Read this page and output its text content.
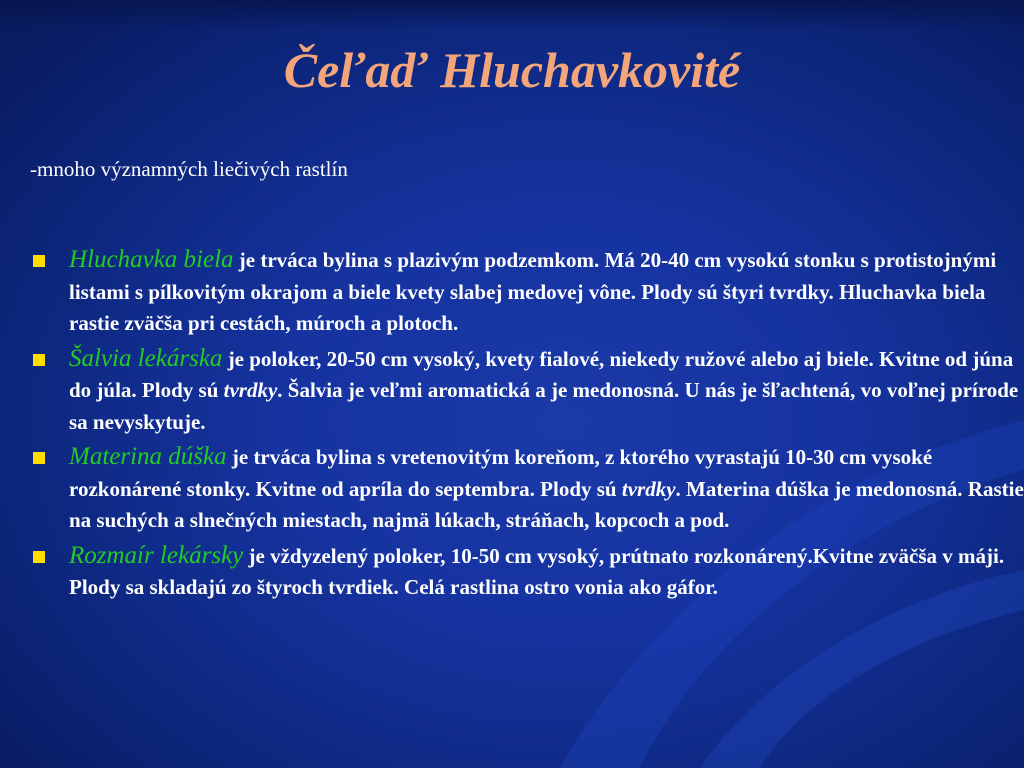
Čeľaď Hluchavkovité
-mnoho významných liečivých rastlín
Hluchavka biela je trváca bylina s plazivým podzemkom. Má 20-40 cm vysokú stonku s protistojnými listami s pílkovitým okrajom a biele kvety slabej medovej vône. Plody sú štyri tvrdky. Hluchavka biela rastie zväčša pri cestách, múroch a plotoch.
Šalvia lekárska je poloker, 20-50 cm vysoký, kvety fialové, niekedy ružové alebo aj biele. Kvitne od júna do júla. Plody sú tvrdky. Šalvia je veľmi aromatická a je medonosná. U nás je šľachtená, vo voľnej prírode sa nevyskytuje.
Materina dúška je trváca bylina s vretenovitým koreňom, z ktorého vyrastajú 10-30 cm vysoké rozkonárené stonky. Kvitne od apríla do septembra. Plody sú tvrdky. Materina dúška je medonosná. Rastie na suchých a slnečných miestach, najmä lúkach, stráňach, kopcoch a pod.
Rozmaír lekársky je vždyzelený poloker, 10-50 cm vysoký, prútnato rozkonárený.Kvitne zväčša v máji. Plody sa skladajú zo štyroch tvrdiek. Celá rastlina ostro vonia ako gáfor.
